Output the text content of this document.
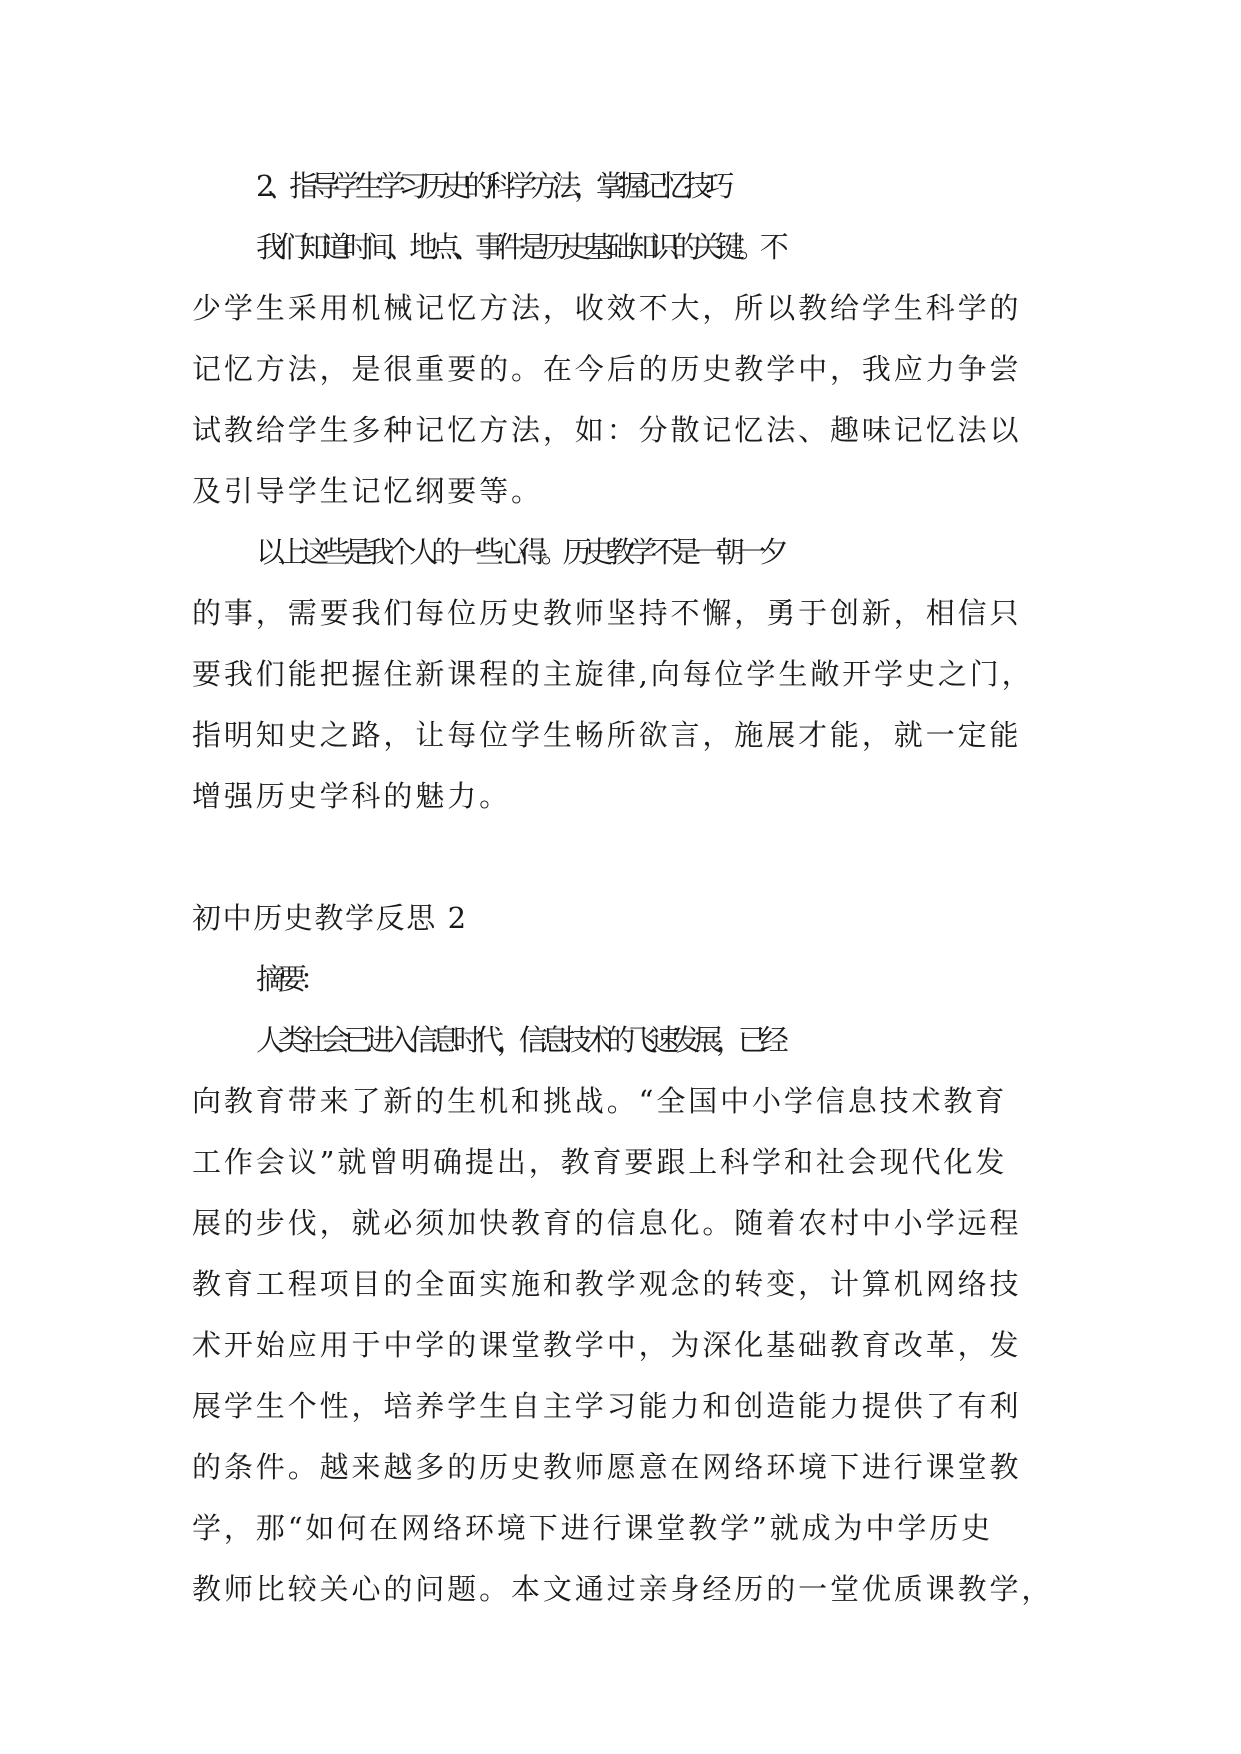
2、指导学生学习历史的科学方法，掌握记忆技巧
我们知道时间、地点、事件是历史基础知识的关键。不
少学生采用机械记忆方法，收效不大，所以教给学生科学的
记忆方法，是很重要的。在今后的历史教学中，我应力争尝
试教给学生多种记忆方法，如：分散记忆法、趣味记忆法以
及引导学生记忆纲要等。
以上这些是我个人的一些心得。历史教学不是一朝一夕
的事，需要我们每位历史教师坚持不懈，勇于创新，相信只
要我们能把握住新课程的主旋律,向每位学生敞开学史之门，
指明知史之路，让每位学生畅所欲言，施展才能，就一定能
增强历史学科的魅力。
初中历史教学反思 2
摘要：
人类社会已进入信息时代，信息技术的飞速发展，已经
向教育带来了新的生机和挑战。“全国中小学信息技术教育
工作会议”就曾明确提出，教育要跟上科学和社会现代化发
展的步伐，就必须加快教育的信息化。随着农村中小学远程
教育工程项目的全面实施和教学观念的转变，计算机网络技
术开始应用于中学的课堂教学中，为深化基础教育改革，发
展学生个性，培养学生自主学习能力和创造能力提供了有利
的条件。越来越多的历史教师愿意在网络环境下进行课堂教
学，那“如何在网络环境下进行课堂教学”就成为中学历史
教师比较关心的问题。本文通过亲身经历的一堂优质课教学，
